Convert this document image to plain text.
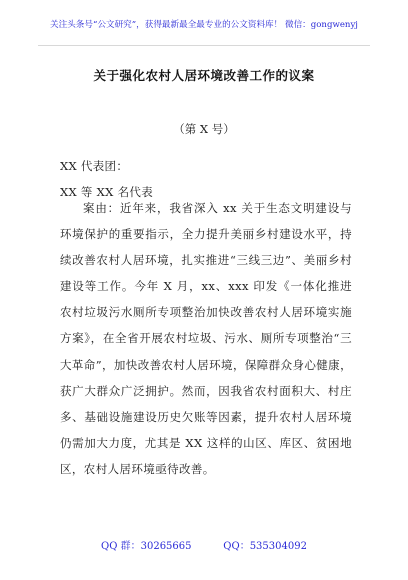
关注头条号“公文研究”，获得最新最全最专业的公文资料库！ 微信：gongwenyj
关于强化农村人居环境改善工作的议案
（第 X 号）
XX 代表团：
XX 等 XX 名代表

案由：近年来，我省深入 xx 关于生态文明建设与环境保护的重要指示，全力提升美丽乡村建设水平，持续改善农村人居环境，扎实推进“三线三边”、美丽乡村建设等工作。今年 X 月，xx、xxx 印发《一体化推进农村垃圾污水厕所专项整治加快改善农村人居环境实施方案》，在全省开展农村垃圾、污水、厕所专项整治“三大革命”，加快改善农村人居环境，保障群众身心健康，获广大群众广泛拥护。然而，因我省农村面积大、村庄多、基础设施建设历史欠账等因素，提升农村人居环境仍需加大力度，尤其是 XX 这样的山区、库区、贫困地区，农村人居环境亟待改善。

QQ 群：30265665          QQ：535304092
